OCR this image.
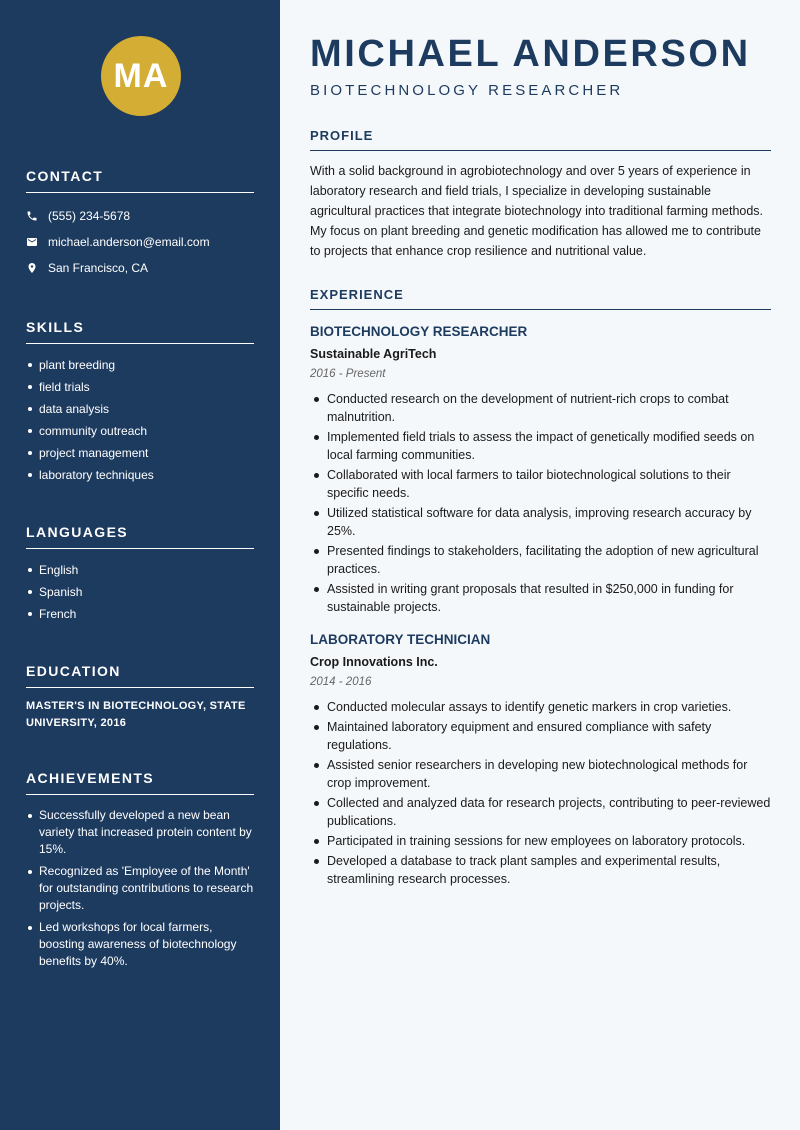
MA
CONTACT
(555) 234-5678
michael.anderson@email.com
San Francisco, CA
SKILLS
plant breeding
field trials
data analysis
community outreach
project management
laboratory techniques
LANGUAGES
English
Spanish
French
EDUCATION
MASTER'S IN BIOTECHNOLOGY, STATE UNIVERSITY, 2016
ACHIEVEMENTS
Successfully developed a new bean variety that increased protein content by 15%.
Recognized as 'Employee of the Month' for outstanding contributions to research projects.
Led workshops for local farmers, boosting awareness of biotechnology benefits by 40%.
MICHAEL ANDERSON
BIOTECHNOLOGY RESEARCHER
PROFILE

With a solid background in agrobiotechnology and over 5 years of experience in laboratory research and field trials, I specialize in developing sustainable agricultural practices that integrate biotechnology into traditional farming methods. My focus on plant breeding and genetic modification has allowed me to contribute to projects that enhance crop resilience and nutritional value.

EXPERIENCE
BIOTECHNOLOGY RESEARCHER
Sustainable AgriTech
2016 - Present
Conducted research on the development of nutrient-rich crops to combat malnutrition.
Implemented field trials to assess the impact of genetically modified seeds on local farming communities.
Collaborated with local farmers to tailor biotechnological solutions to their specific needs.
Utilized statistical software for data analysis, improving research accuracy by 25%.
Presented findings to stakeholders, facilitating the adoption of new agricultural practices.
Assisted in writing grant proposals that resulted in $250,000 in funding for sustainable projects.
LABORATORY TECHNICIAN
Crop Innovations Inc.
2014 - 2016
Conducted molecular assays to identify genetic markers in crop varieties.
Maintained laboratory equipment and ensured compliance with safety regulations.
Assisted senior researchers in developing new biotechnological methods for crop improvement.
Collected and analyzed data for research projects, contributing to peer-reviewed publications.
Participated in training sessions for new employees on laboratory protocols.
Developed a database to track plant samples and experimental results, streamlining research processes.
